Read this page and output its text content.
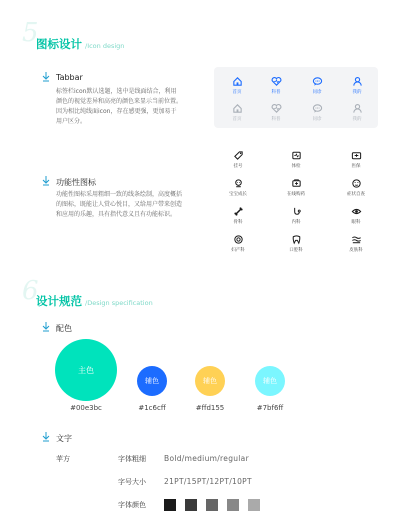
5
图标设计 /Icon design
Tabbar
标签栏icon默认选题，选中是线面结合，利用颜色的视觉差异和高亮的颜色来显示当前位置。因为相比纯线面icon，存在感更强，更加易于用户区分。
首页	科普	问诊	我的
首页	科普	问诊	我的
功能性图标
功能性图标采用粗细一致的线条绘制，高度概括的图标，既能让人赏心悦目，又给用户带来创造和应用的乐趣，具有指代意义且有功能标识。
挂号	体检	医保
宝宝成长	在线购药	症状自查
骨科	内科	眼科
妇产科	口腔科	皮肤科
6
设计规范 /Design specification
配色
主色
#00e3bc
辅色
#1c6cff
辅色
#ffd155
辅色
#7bf6ff
文字
苹方	字体粗细 Bold/medium/regular
字号大小 21PT/15PT/12PT/10PT
字体颜色
